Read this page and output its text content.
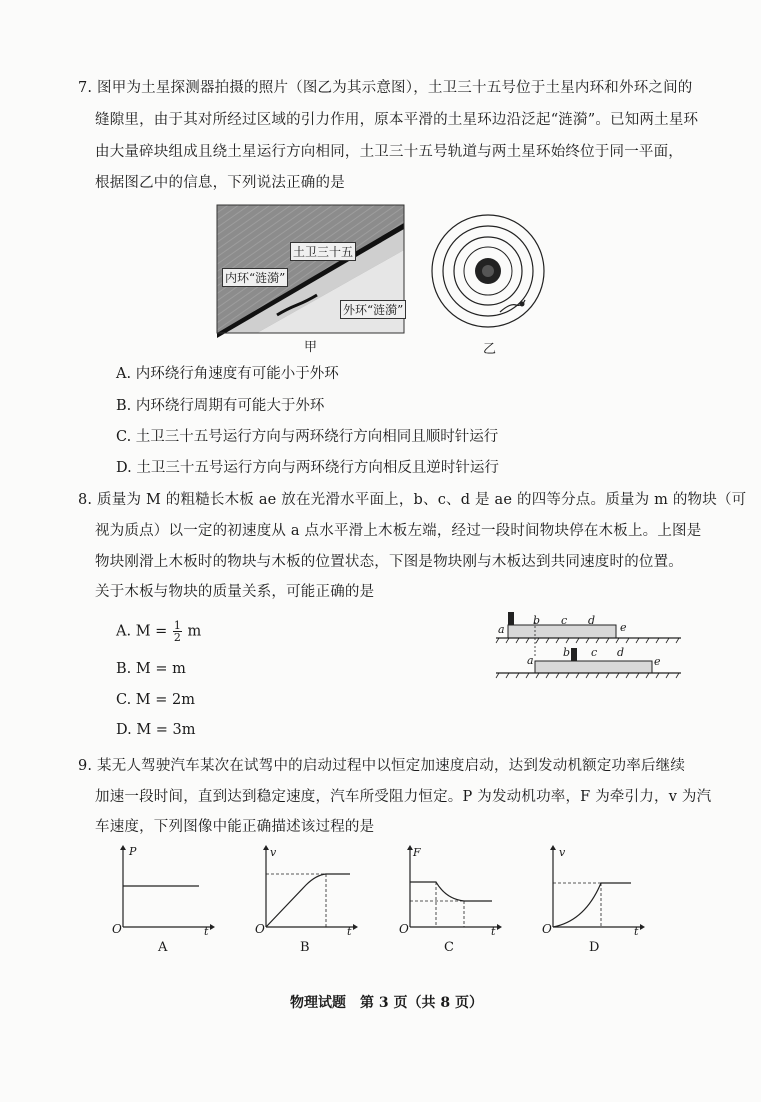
7. 图甲为土星探测器拍摄的照片（图乙为其示意图），土卫三十五号位于土星内环和外环之间的
缝隙里，由于其对所经过区域的引力作用，原本平滑的土星环边沿泛起“涟漪”。已知两土星环
由大量碎块组成且绕土星运行方向相同，土卫三十五号轨道与两土星环始终位于同一平面，
根据图乙中的信息，下列说法正确的是
土卫三十五
内环“涟漪”
外环“涟漪”
甲	乙
A. 内环绕行角速度有可能小于外环
B. 内环绕行周期有可能大于外环
C. 土卫三十五号运行方向与两环绕行方向相同且顺时针运行
D. 土卫三十五号运行方向与两环绕行方向相反且逆时针运行
8. 质量为 M 的粗糙长木板 ae 放在光滑水平面上，b、c、d 是 ae 的四等分点。质量为 m 的物块（可
视为质点）以一定的初速度从 a 点水平滑上木板左端，经过一段时间物块停在木板上。上图是
物块刚滑上木板时的物块与木板的位置状态，下图是物块刚与木板达到共同速度时的位置。
关于木板与物块的质量关系，可能正确的是
A. $M = \frac{1}{2}$ m
B. M = m
C. M = 2m
D. M = 3m
a
b c d
e
a
b c d
e
9. 某无人驾驶汽车某次在试驾中的启动过程中以恒定加速度启动，达到发动机额定功率后继续
加速一段时间，直到达到稳定速度，汽车所受阻力恒定。P 为发动机功率，F 为牵引力，v 为汽
车速度，下列图像中能正确描述该过程的是
P
O	t
A
v
O	t
B
F
O	t
C
v
O	t
D
物理试题　第 3 页（共 8 页）
